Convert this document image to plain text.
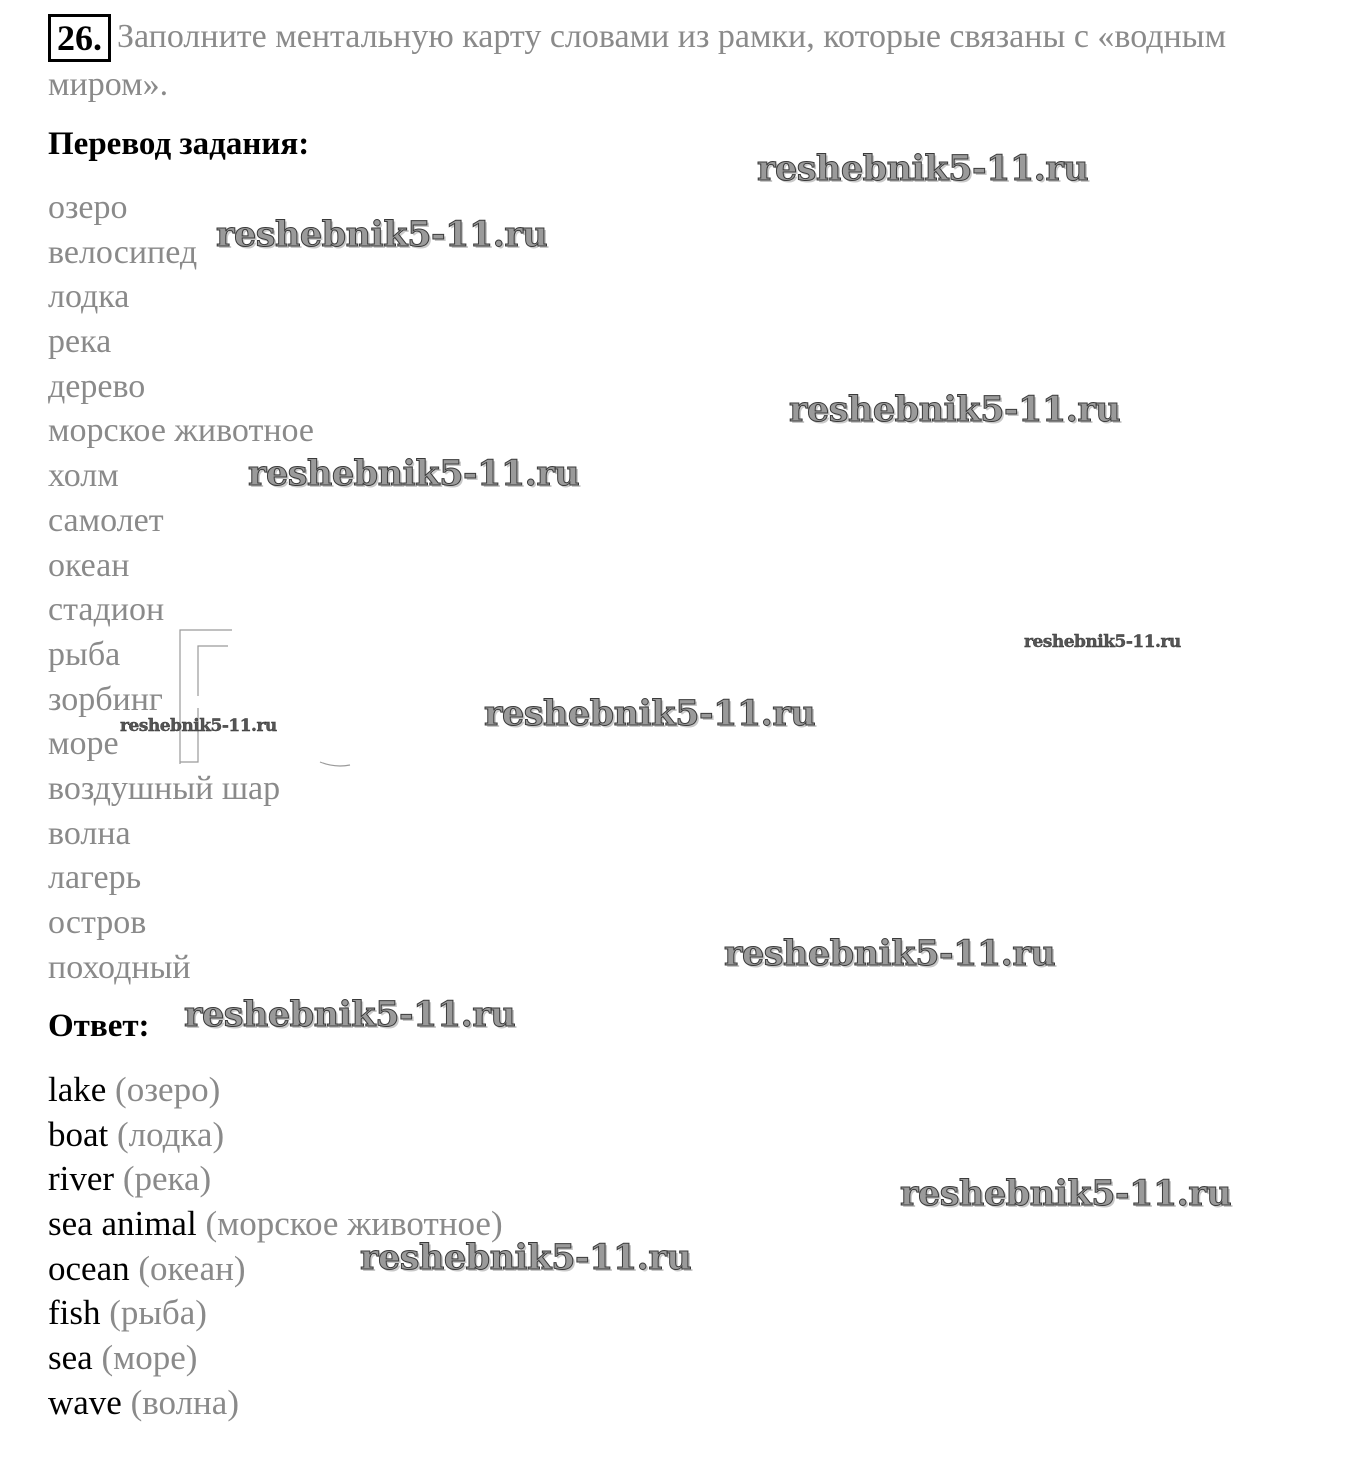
26. Заполните ментальную карту словами из рамки, которые связаны с «водным миром».
Перевод задания:
озеро
велосипед
лодка
река
дерево
морское животное
холм
самолет
океан
стадион
рыба
зорбинг
море
воздушный шар
волна
лагерь
остров
походный
Ответ:
lake (озеро)
boat (лодка)
river (река)
sea animal (морское животное)
ocean (океан)
fish (рыба)
sea (море)
wave (волна)
reshebnik5-11.ru
reshebnik5-11.ru
reshebnik5-11.ru
reshebnik5-11.ru
reshebnik5-11.ru
reshebnik5-11.ru
reshebnik5-11.ru
reshebnik5-11.ru
reshebnik5-11.ru
reshebnik5-11.ru
reshebnik5-11.ru
